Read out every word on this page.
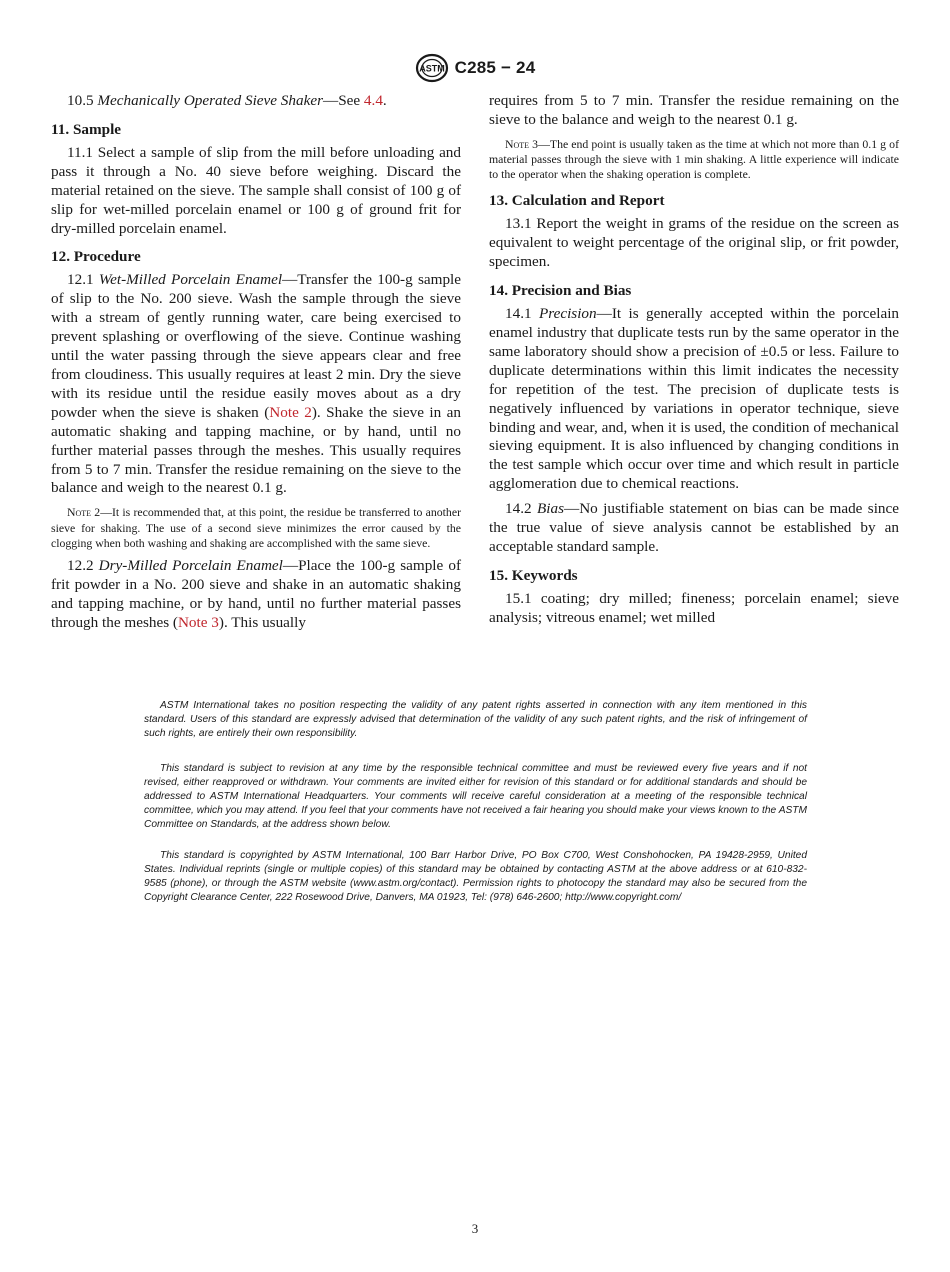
ASTM C285 − 24

10.5 Mechanically Operated Sieve Shaker—See 4.4.

11. Sample

11.1 Select a sample of slip from the mill before unloading and pass it through a No. 40 sieve before weighing. Discard the material retained on the sieve. The sample shall consist of 100 g of slip for wet-milled porcelain enamel or 100 g of ground frit for dry-milled porcelain enamel.

12. Procedure

12.1 Wet-Milled Porcelain Enamel—Transfer the 100-g sample of slip to the No. 200 sieve. Wash the sample through the sieve with a stream of gently running water, care being exercised to prevent splashing or overflowing of the sieve. Continue washing until the water passing through the sieve appears clear and free from cloudiness. This usually requires at least 2 min. Dry the sieve with its residue until the residue easily moves about as a dry powder when the sieve is shaken (Note 2). Shake the sieve in an automatic shaking and tapping machine, or by hand, until no further material passes through the meshes. This usually requires from 5 to 7 min. Transfer the residue remaining on the sieve to the balance and weigh to the nearest 0.1 g.

Note 2—It is recommended that, at this point, the residue be transferred to another sieve for shaking. The use of a second sieve minimizes the error caused by the clogging when both washing and shaking are accomplished with the same sieve.

12.2 Dry-Milled Porcelain Enamel—Place the 100-g sample of frit powder in a No. 200 sieve and shake in an automatic shaking and tapping machine, or by hand, until no further material passes through the meshes (Note 3). This usually

requires from 5 to 7 min. Transfer the residue remaining on the sieve to the balance and weigh to the nearest 0.1 g.

Note 3—The end point is usually taken as the time at which not more than 0.1 g of material passes through the sieve with 1 min shaking. A little experience will indicate to the operator when the shaking operation is complete.

13. Calculation and Report

13.1 Report the weight in grams of the residue on the screen as equivalent to weight percentage of the original slip, or frit powder, specimen.

14. Precision and Bias

14.1 Precision—It is generally accepted within the porcelain enamel industry that duplicate tests run by the same operator in the same laboratory should show a precision of ±0.5 or less. Failure to duplicate determinations within this limit indicates the necessity for repetition of the test. The precision of duplicate tests is negatively influenced by variations in operator technique, sieve binding and wear, and, when it is used, the condition of mechanical sieving equipment. It is also influenced by changing conditions in the test sample which occur over time and which result in particle agglomeration due to chemical reactions.

14.2 Bias—No justifiable statement on bias can be made since the true value of sieve analysis cannot be established by an acceptable standard sample.

15. Keywords

15.1 coating; dry milled; fineness; porcelain enamel; sieve analysis; vitreous enamel; wet milled

ASTM International takes no position respecting the validity of any patent rights asserted in connection with any item mentioned in this standard. Users of this standard are expressly advised that determination of the validity of any such patent rights, and the risk of infringement of such rights, are entirely their own responsibility.

This standard is subject to revision at any time by the responsible technical committee and must be reviewed every five years and if not revised, either reapproved or withdrawn. Your comments are invited either for revision of this standard or for additional standards and should be addressed to ASTM International Headquarters. Your comments will receive careful consideration at a meeting of the responsible technical committee, which you may attend. If you feel that your comments have not received a fair hearing you should make your views known to the ASTM Committee on Standards, at the address shown below.

This standard is copyrighted by ASTM International, 100 Barr Harbor Drive, PO Box C700, West Conshohocken, PA 19428-2959, United States. Individual reprints (single or multiple copies) of this standard may be obtained by contacting ASTM at the above address or at 610-832-9585 (phone), or through the ASTM website (www.astm.org/contact). Permission rights to photocopy the standard may also be secured from the Copyright Clearance Center, 222 Rosewood Drive, Danvers, MA 01923, Tel: (978) 646-2600; http://www.copyright.com/

3
